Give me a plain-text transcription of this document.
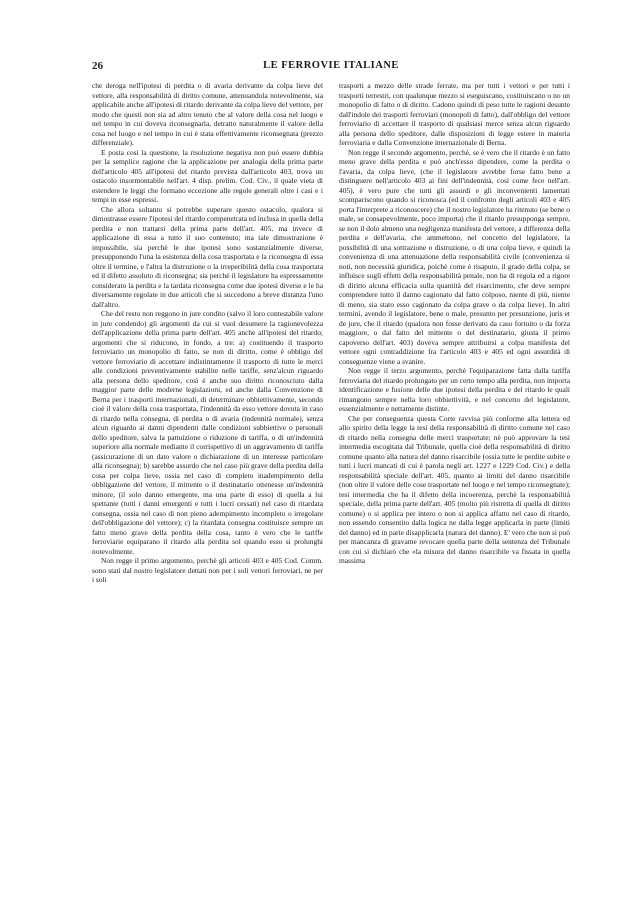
26	LE FERROVIE ITALIANE

che deroga nell'ipotesi di perdita o di avaria derivante da colpa lieve del vettore, alla responsabilità di diritto comune, attenuandola notevolmente, sia applicabile anche all'ipotesi di ritardo derivante da colpa lieve del vettore, per modo che questi non sia ad altro tenuto che al valore della cosa nel luogo e nel tempo in cui doveva riconsegnarla, detratto naturalmente il valore della cosa nel luogo e nel tempo in cui è stata effettivamente riconsegnata (prezzo differenziale).

E posta così la questione, la risoluzione negativa non può essere dubbia per la semplice ragione che la applicazione per analogia della prima parte dell'articolo 405 all'ipotesi del ritardo prevista dall'articolo 403, trova un ostacolo insormontabile nell'art. 4 disp. prelim. Cod. Civ., il quale vieta di estendere le leggi che formano eccezione alle regole generali oltre i casi e i tempi in esse espressi.

Che allora soltanto si potrebbe superare questo ostacolo, qualora si dimostrasse essere l'ipotesi del ritardo compenetrata ed inclusa in quella della perdita e non trattarsi della prima parte dell'art. 405, ma invece di applicazione di essa a tutto il suo contenuto; ma tale dimostrazione è impossibile, sia perchè le due ipotesi sono sostanzialmente diverse, presupponendo l'una la esistenza della cosa trasportata e la riconsegna di essa oltre il termine, e l'altra la distruzione o la irreperibilità della cosa trasportata ed il difetto assoluto di riconsegna; sia perchè il legislatore ha espressamente considerato la perdita e la tardata riconsegna come due ipotesi diverse e le ha diversamente regolate in due articoli che si succedono a breve distanza l'uno dall'altro.

Che del resto non reggono in jure condito (salvo il loro contestabile valore in jure condendo) gli argomenti da cui si vuol desumere la ragionevolezza dell'applicazione della prima parte dell'art. 405 anche all'ipotesi del ritardo; argomenti che si riducono, in fondo, a tre: a) costituendo il trasporto ferroviario un monopolio di fatto, se non di diritto, come è obbligo del vettore ferroviario di accettare indistintamente il trasporto di tutte le merci alle condizioni preventivamente stabilite nelle tariffe, senz'alcun riguardo alla persona dello speditore, così è anche suo diritto riconosciuto dalla maggior parte delle moderne legislazioni, ed anche dalla Convenzione di Berna per i trasporti internazionali, di determinare obbiettivamente, secondo cioè il valore della cosa trasportata, l'indennità da esso vettore dovuta in caso di ritardo nella consegna, di perdita o di avaria (indennità normale), senza alcun riguardo ai danni dipendenti dalle condizioni subbiettive o personali dello speditore, salva la pattuizione o riduzione di tariffa, o di un'indennità superiore alla normale mediante il corrispettivo di un aggravamento di tariffa (assicurazione di un dato valore o dichiarazione di un interesse particolare alla riconsegna); b) sarebbe assurdo che nel caso più grave della perdita della cosa per colpa lieve, ossia nel caso di completo inadempimento della obbligazione del vettore, il mittente o il destinatario ottenesse un'indennità minore, (il solo danno emergente, ma una parte di esso) di quella a lui spettante (tutti i danni emergenti e tutti i lucri cessati) nel caso di ritardata consegna, ossia nel caso di non pieno adempimento incompleto o irregolare dell'obbligazione del vettore); c) la ritardata consegna costituisce sempre un fatto meno grave della perdita della cosa, tanto è vero che le tariffe ferroviarie equiparano il ritardo alla perdita sol quando esso si prolunghi notevolmente.

Non regge il primo argomento, perchè gli articoli 403 e 405 Cod. Comm. sono stati dal nostro legislatore dettati non per i soli vettori ferroviari, ne per i soli

trasporti a mezzo delle strade ferrate, ma per tutti i vettori e per tutti i trasporti terrestri, con qualunque mezzo si eseguiscano, costituiscano o no un monopolio di fatto o di diritto. Cadono quindi di peso tutte le ragioni desunte dall'indole dei trasporti ferroviari (monopoli di fatto), dall'obbligo del vettore ferroviario di accettare il trasporto di qualsiasi merce senza alcun riguardo alla persona dello speditore, dalle disposizioni di legge estere in materia ferroviaria e dalla Convenzione internazionale di Berna.

Non regge il secondo argomento, perchè, se è vero che il ritardo è un fatto meno grave della perdita e può anch'esso dipendere, come la perdita o l'avaria, da colpa lieve, (che il legislatore avrebbe forse fatto bene a distinguere nell'articolo 403 ai fini dell'indennità, così come fece nell'art. 405), è vero pure che tutti gli assurdi e gli inconvenienti lamentati scompariscono quando si riconosca (ed il confronto degli articoli 403 e 405 porta l'interprete a riconoscere) che il nostro legislatore ha ritenuto (se bene o male, se consapevolmente, poco importa) che il ritardo presupponga sempre, se non il dolo almeno una negligenza manifesta del vettore, a differenza della perdita e dell'avaria, che ammettono, nel concetto del legislatore, la possibilità di una sottrazione o distruzione, o di una colpa lieve, e quindi la convenienza di una attenuazione della responsabilità civile (convenienza si noti, non necessità giuridica, poichè come è risaputo, il grado della colpa, se influisce sugli effetti della responsabilità penale, non ha di regola ed a rigore di diritto alcuna efficacia sulla quantità del risarcimento, che deve sempre comprendere tutto il danno cagionato dal fatto colposo, niente di più, niente di meno, sia stato esso cagionato da colpa grave o da colpa lieve). In altri termini, avendo il legislatore, bene o male, presunto per presunzione, juris et de jure, che il ritardo (qualora non fosse derivato da caso fortuito o da forza maggiore, o dal fatto del mittente o del destinatario, giusta il primo capoverso dell'art. 403) doveva sempre attribuirsi a colpa manifesta del vettore ogni contraddizione fra l'articolo 403 e 405 ed ogni assurdità di conseguenze viene a svanire.

Non regge il terzo argomento, perchè l'equiparazione fatta dalla tariffa ferroviaria del ritardo prolungato per un certo tempo alla perdita, non importa identificazione e fusione delle due ipotesi della perdita e del ritardo le quali rimangono sempre nella loro obbiettività, e nel concetto del legislatore, essenzialmente e nettamente distinte.

Che per conseguenza questa Corte ravvisa più conforme alla lettera ed allo spirito della legge la tesi della responsabilità di diritto comune nel caso di ritardo nella consegna delle merci trasportate; nè può approvare la tesi intermedia escogitata dal Tribunale, quella cioè della responsabilità di diritto comune quanto alla natura del danno risarcibile (ossia tutte le perdite subite e tutti i lucri mancati di cui è parola negli art. 1227 e 1229 Cod. Civ.) e della responsabilità speciale dell'art. 405, quanto ai limiti del danno risarcibile (non oltre il valore delle cose trasportate nel luogo e nel tempo riconsegnate); tesi intermedia che ha il difetto della incoerenza, perchè la responsabilità speciale, della prima parte dell'art. 405 (molto più ristretta di quella di diritto comune) o si applica per intero o non si applica affatto nel caso di ritardo, non essendo consentito dalla logica ne dalla legge applicarla in parte (limiti del danno) ed in parte disapplicarla (natura del danno). E' vero che non si può per mancanza di gravame revocare quella parte della sentenza del Tribunale con cui si dichiarò che «la misura del danno risarcibile va fissata in quella massima
